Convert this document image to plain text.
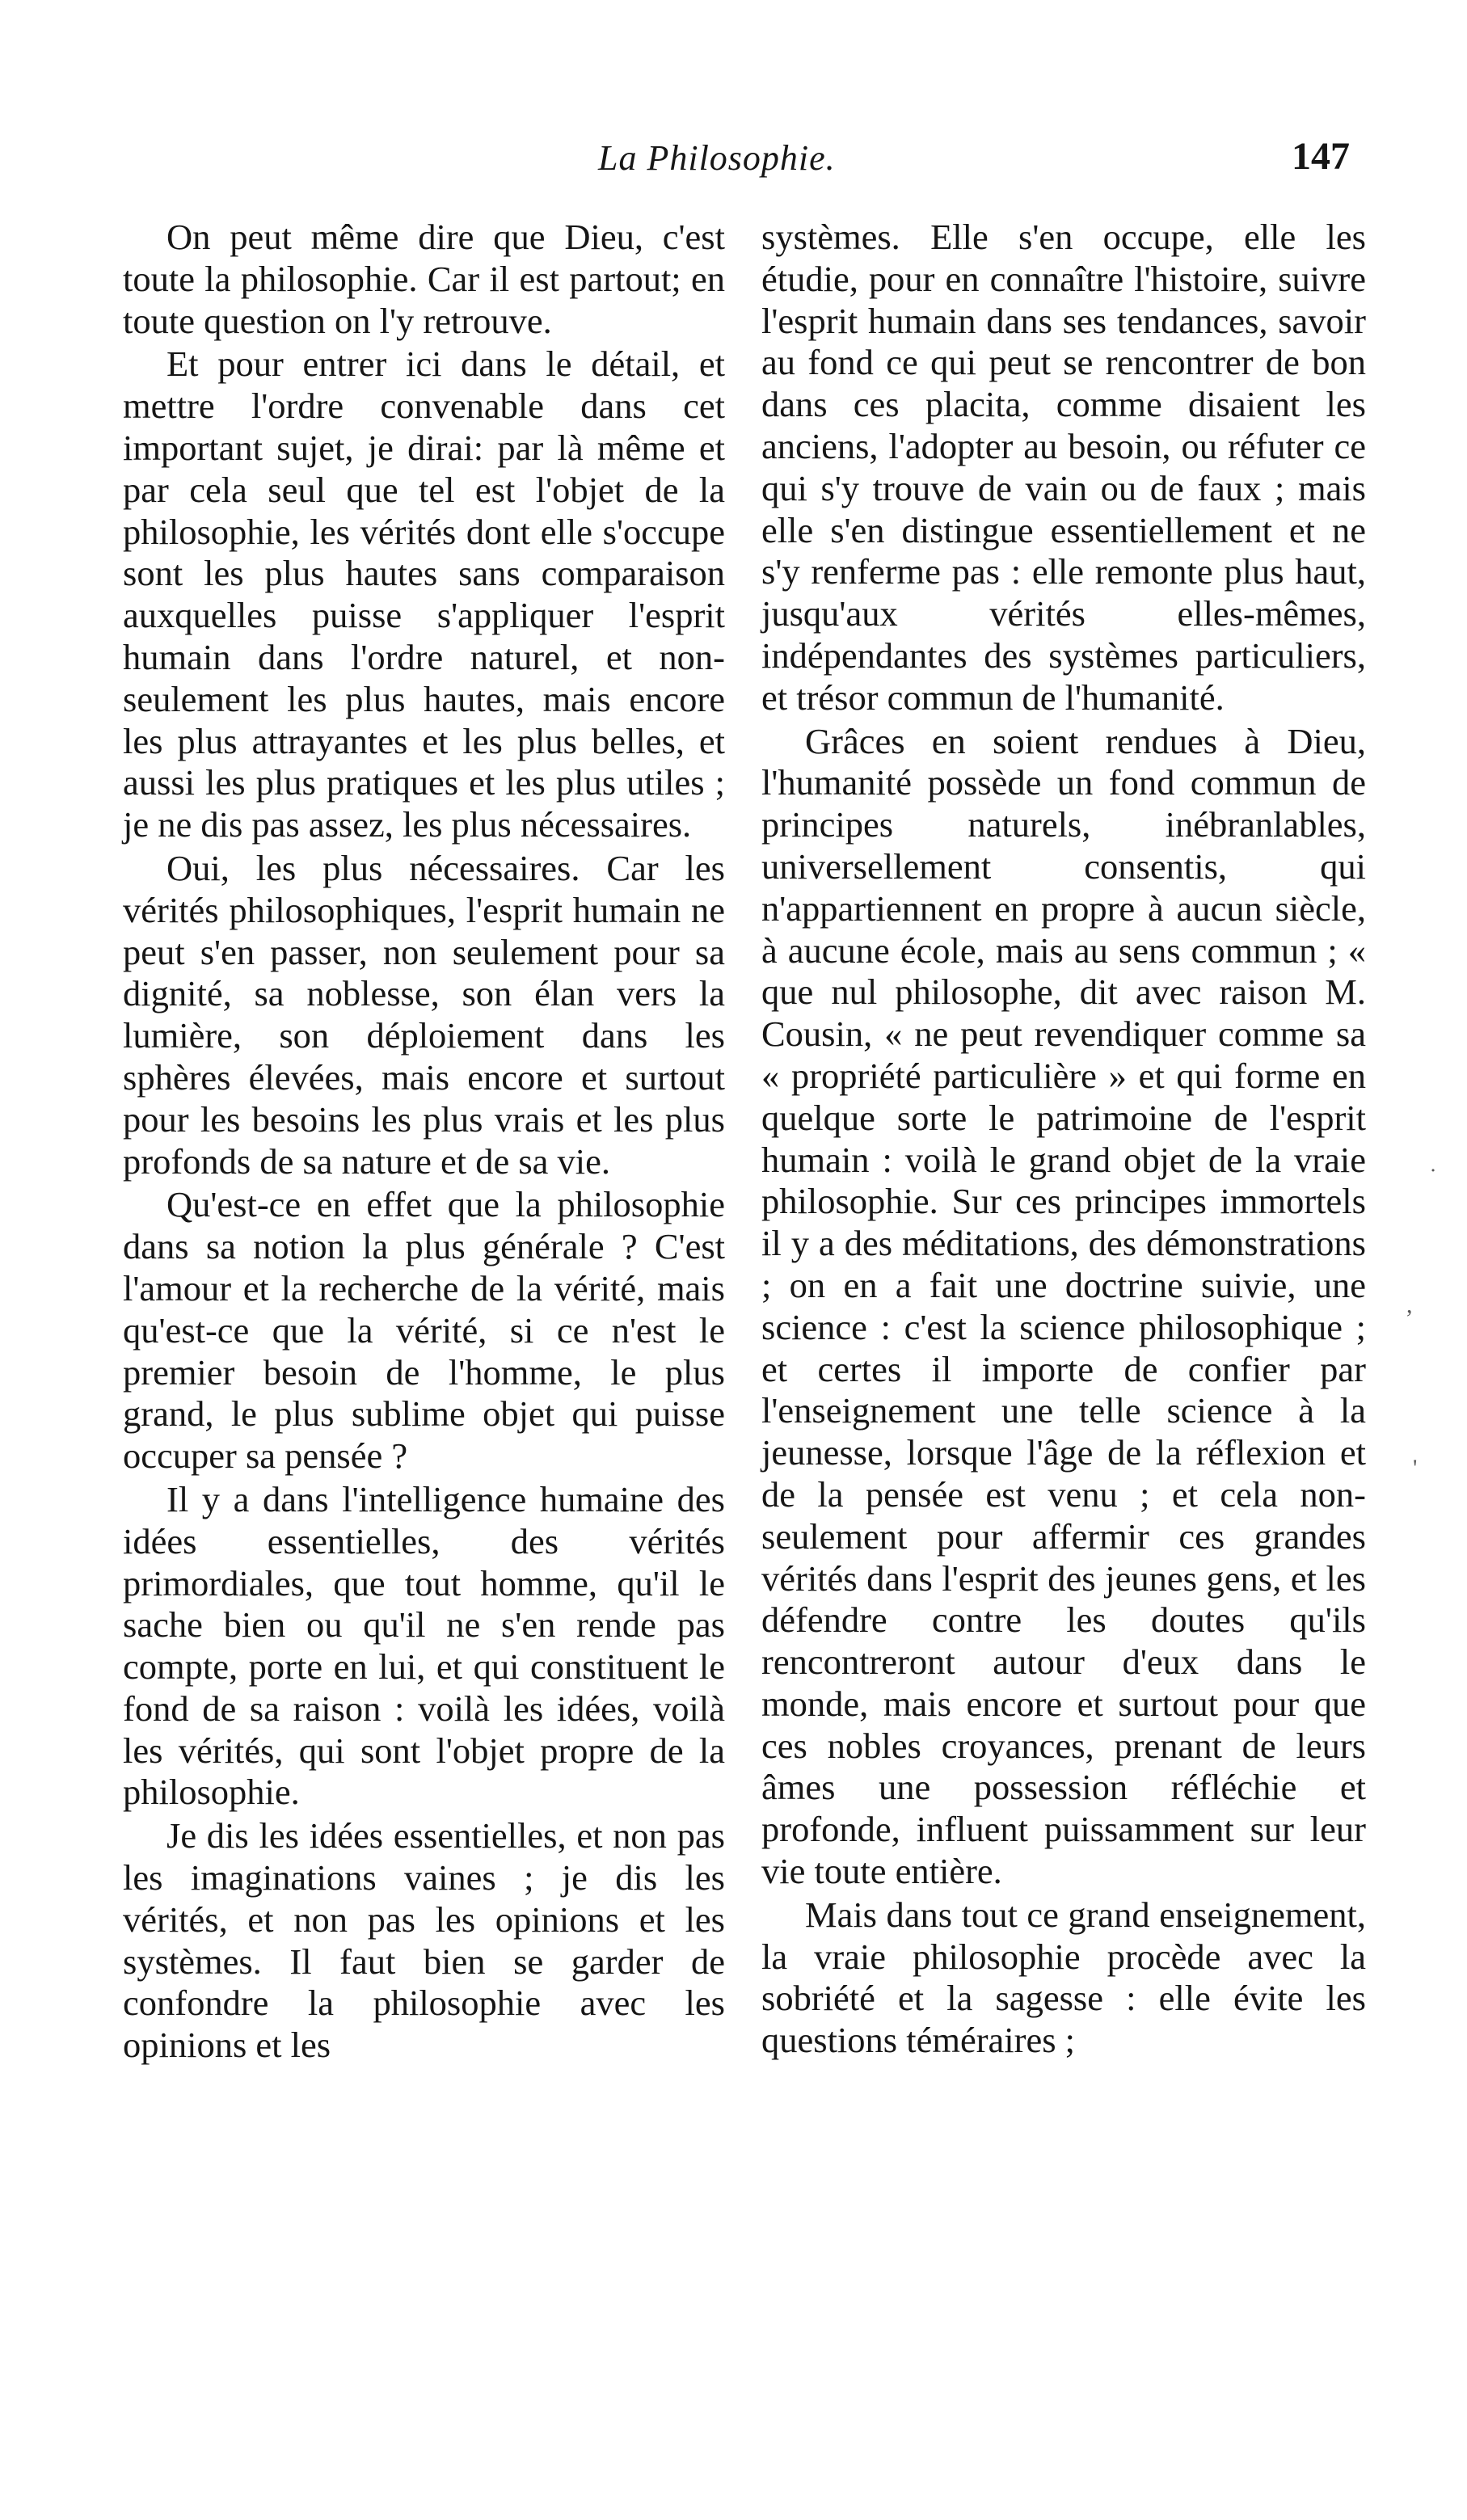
La Philosophie.	147

On peut même dire que Dieu, c'est toute la philosophie. Car il est partout; en toute question on l'y retrouve.

Et pour entrer ici dans le détail, et mettre l'ordre convenable dans cet important sujet, je dirai: par là même et par cela seul que tel est l'objet de la philosophie, les vérités dont elle s'occupe sont les plus hautes sans comparaison auxquelles puisse s'appliquer l'esprit humain dans l'ordre naturel, et non-seulement les plus hautes, mais encore les plus attrayantes et les plus belles, et aussi les plus pratiques et les plus utiles ; je ne dis pas assez, les plus nécessaires.

Oui, les plus nécessaires. Car les vérités philosophiques, l'esprit humain ne peut s'en passer, non seulement pour sa dignité, sa noblesse, son élan vers la lumière, son déploiement dans les sphères élevées, mais encore et surtout pour les besoins les plus vrais et les plus profonds de sa nature et de sa vie.

Qu'est-ce en effet que la philosophie dans sa notion la plus générale ? C'est l'amour et la recherche de la vérité, mais qu'est-ce que la vérité, si ce n'est le premier besoin de l'homme, le plus grand, le plus sublime objet qui puisse occuper sa pensée ?

Il y a dans l'intelligence humaine des idées essentielles, des vérités primordiales, que tout homme, qu'il le sache bien ou qu'il ne s'en rende pas compte, porte en lui, et qui constituent le fond de sa raison : voilà les idées, voilà les vérités, qui sont l'objet propre de la philosophie.

Je dis les idées essentielles, et non pas les imaginations vaines ; je dis les vérités, et non pas les opinions et les systèmes. Il faut bien se garder de confondre la philosophie avec les opinions et les

systèmes. Elle s'en occupe, elle les étudie, pour en connaître l'histoire, suivre l'esprit humain dans ses tendances, savoir au fond ce qui peut se rencontrer de bon dans ces placita, comme disaient les anciens, l'adopter au besoin, ou réfuter ce qui s'y trouve de vain ou de faux ; mais elle s'en distingue essentiellement et ne s'y renferme pas : elle remonte plus haut, jusqu'aux vérités elles-mêmes, indépendantes des systèmes particuliers, et trésor commun de l'humanité.

Grâces en soient rendues à Dieu, l'humanité possède un fond commun de principes naturels, inébranlables, universellement consentis, qui n'appartiennent en propre à aucun siècle, à aucune école, mais au sens commun ; « que nul philosophe, dit avec raison M. Cousin, « ne peut revendiquer comme sa « propriété particulière » et qui forme en quelque sorte le patrimoine de l'esprit humain : voilà le grand objet de la vraie philosophie. Sur ces principes immortels il y a des méditations, des démonstrations ; on en a fait une doctrine suivie, une science : c'est la science philosophique ; et certes il importe de confier par l'enseignement une telle science à la jeunesse, lorsque l'âge de la réflexion et de la pensée est venu ; et cela non-seulement pour affermir ces grandes vérités dans l'esprit des jeunes gens, et les défendre contre les doutes qu'ils rencontreront autour d'eux dans le monde, mais encore et surtout pour que ces nobles croyances, prenant de leurs âmes une possession réfléchie et profonde, influent puissamment sur leur vie toute entière.

Mais dans tout ce grand enseignement, la vraie philosophie procède avec la sobriété et la sagesse : elle évite les questions téméraires ;

˙
,
'
